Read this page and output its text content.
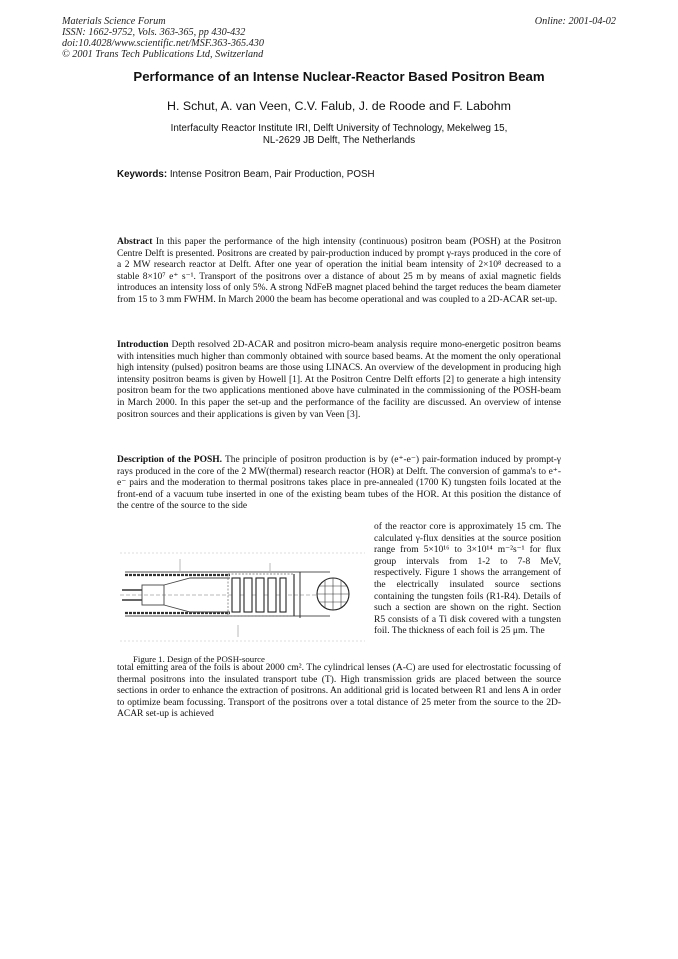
Materials Science Forum
ISSN: 1662-9752, Vols. 363-365, pp 430-432
doi:10.4028/www.scientific.net/MSF.363-365.430
© 2001 Trans Tech Publications Ltd, Switzerland
Online: 2001-04-02
Performance of an Intense Nuclear-Reactor Based Positron Beam
H. Schut, A. van Veen, C.V. Falub, J. de Roode and F. Labohm
Interfaculty Reactor Institute IRI, Delft University of Technology, Mekelweg 15,
NL-2629 JB Delft, The Netherlands
Keywords: Intense Positron Beam, Pair Production, POSH

Abstract In this paper the performance of the high intensity (continuous) positron beam (POSH) at the Positron Centre Delft is presented. Positrons are created by pair-production induced by prompt γ-rays produced in the core of a 2 MW research reactor at Delft. After one year of operation the initial beam intensity of 2×10⁸ decreased to a stable 8×10⁷ e⁺ s⁻¹. Transport of the positrons over a distance of about 25 m by means of axial magnetic fields introduces an intensity loss of only 5%. A strong NdFeB magnet placed behind the target reduces the beam diameter from 15 to 3 mm FWHM. In March 2000 the beam has become operational and was coupled to a 2D-ACAR set-up.

Introduction Depth resolved 2D-ACAR and positron micro-beam analysis require mono-energetic positron beams with intensities much higher than commonly obtained with source based beams. At the moment the only operational high intensity (pulsed) positron beams are those using LINACS. An overview of the development in producing high intensity positron beams is given by Howell [1]. At the Positron Centre Delft efforts [2] to generate a high intensity positron beam for the two applications mentioned above have culminated in the commissioning of the POSH-beam in March 2000. In this paper the set-up and the performance of the facility are discussed. An overview of intense positron sources and their applications is given by van Veen [3].

Description of the POSH. The principle of positron production is by (e⁺-e⁻) pair-formation induced by prompt-γ rays produced in the core of the 2 MW(thermal) research reactor (HOR) at Delft. The conversion of gamma's to e⁺-e⁻ pairs and the moderation to thermal positrons takes place in pre-annealed (1700 K) tungsten foils located at the front-end of a vacuum tube inserted in one of the existing beam tubes of the HOR. At this position the distance of the centre of the source to the side

of the reactor core is approximately 15 cm. The calculated γ-flux densities at the source position range from 5×10¹⁶ to 3×10¹⁴ m⁻²s⁻¹ for flux group intervals from 1-2 to 7-8 MeV, respectively. Figure 1 shows the arrangement of the electrically insulated source sections containing the tungsten foils (R1-R4). Details of such a section are shown on the right. Section R5 consists of a Ti disk covered with a tungsten foil. The thickness of each foil is 25 μm. The

Figure 1. Design of the POSH-source

total emitting area of the foils is about 2000 cm². The cylindrical lenses (A-C) are used for electrostatic focussing of thermal positrons into the insulated transport tube (T). High transmission grids are placed between the source sections in order to enhance the extraction of positrons. An additional grid is located between R1 and lens A in order to optimize beam focussing. Transport of the positrons over a total distance of 25 meter from the source to the 2D-ACAR set-up is achieved
